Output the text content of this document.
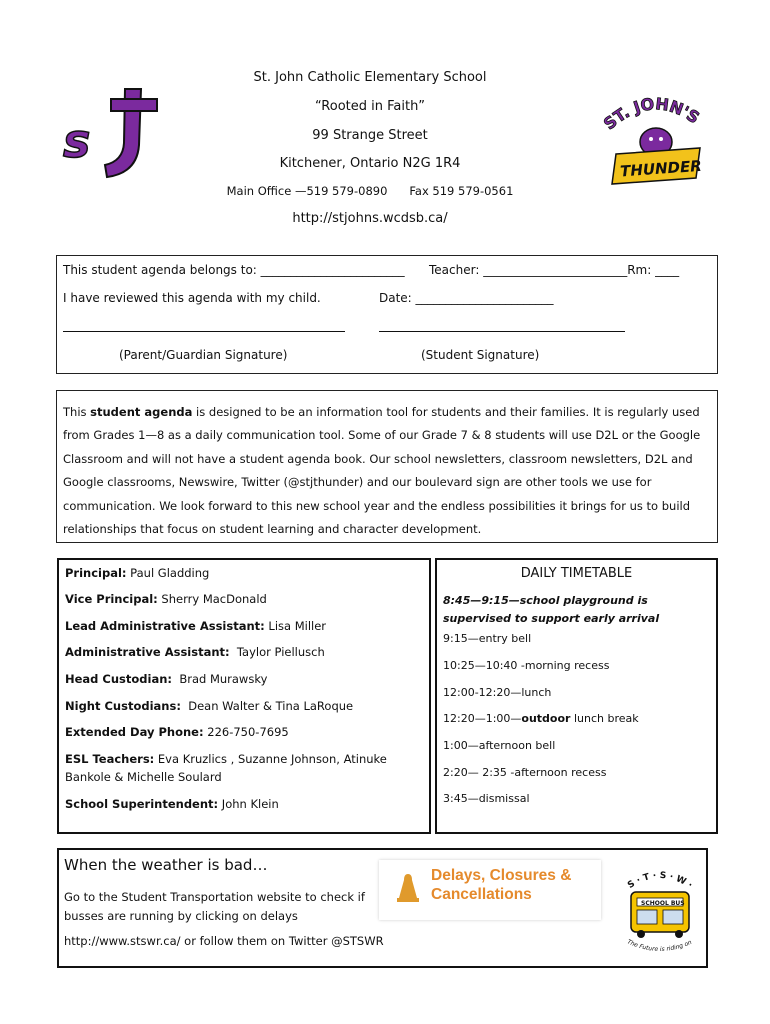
s
St. John Catholic Elementary School
“Rooted in Faith”
99 Strange Street
Kitchener, Ontario N2G 1R4
Main Office —519 579-0890      Fax 519 579-0561
http://stjohns.wcdsb.ca/
ST. JOHN'S
THUNDER
This student agenda belongs to: ________________________ Teacher: ________________________Rm: ____
I have reviewed this agenda with my child.	Date: _______________________
(Parent/Guardian Signature)	(Student Signature)
This student agenda is designed to be an information tool for students and their families. It is regularly used from Grades 1—8 as a daily communication tool. Some of our Grade 7 & 8 students will use D2L or the Google Classroom and will not have a student agenda book. Our school newsletters, classroom newsletters, D2L and Google classrooms, Newswire, Twitter (@stjthunder) and our boulevard sign are other tools we use for communication. We look forward to this new school year and the endless possibilities it brings for us to build relationships that focus on student learning and character development.
Principal: Paul Gladding
Vice Principal: Sherry MacDonald
Lead Administrative Assistant: Lisa Miller
Administrative Assistant:  Taylor Piellusch
Head Custodian:  Brad Murawsky
Night Custodians:  Dean Walter & Tina LaRoque
Extended Day Phone: 226-750-7695
ESL Teachers: Eva Kruzlics , Suzanne Johnson, Atinuke Bankole & Michelle Soulard
School Superintendent: John Klein
DAILY TIMETABLE
8:45—9:15—school playground is supervised to support early arrival
9:15—entry bell
10:25—10:40 -morning recess
12:00-12:20—lunch
12:20—1:00—outdoor lunch break
1:00—afternoon bell
2:20— 2:35 -afternoon recess
3:45—dismissal
When the weather is bad…
Go to the Student Transportation website to check if busses are running by clicking on delays
http://www.stswr.ca/ or follow them on Twitter @STSWR
Delays, Closures & Cancellations
S · T · S · W ·
SCHOOL BUS
The Future is riding on
